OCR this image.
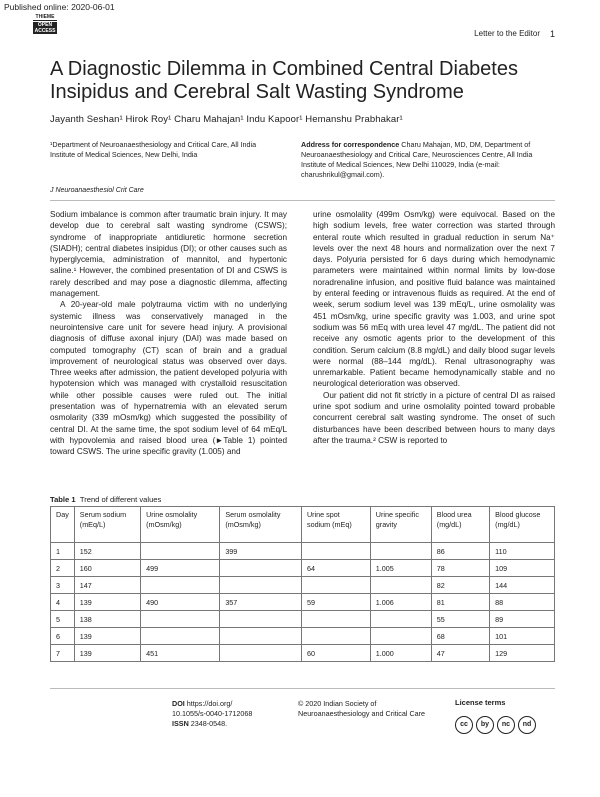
Published online: 2020-06-01
THIEME
OPEN ACCESS	Letter to the Editor 1
A Diagnostic Dilemma in Combined Central Diabetes Insipidus and Cerebral Salt Wasting Syndrome
Jayanth Seshan¹ Hirok Roy¹ Charu Mahajan¹ Indu Kapoor¹ Hemanshu Prabhakar¹
¹Department of Neuroanaesthesiology and Critical Care, All India Institute of Medical Sciences, New Delhi, India
Address for correspondence Charu Mahajan, MD, DM, Department of Neuroanaesthesiology and Critical Care, Neurosciences Centre, All India Institute of Medical Sciences, New Delhi 110029, India (e-mail: charushrikul@gmail.com).
J Neuroanaesthesiol Crit Care

Sodium imbalance is common after traumatic brain injury. It may develop due to cerebral salt wasting syndrome (CSWS); syndrome of inappropriate antidiuretic hormone secretion (SIADH); central diabetes insipidus (DI); or other causes such as hyperglycemia, administration of mannitol, and hypertonic saline.¹ However, the combined presentation of DI and CSWS is rarely described and may pose a diagnostic dilemma, affecting management.

A 20-year-old male polytrauma victim with no underlying systemic illness was conservatively managed in the neurointensive care unit for severe head injury. A provisional diagnosis of diffuse axonal injury (DAI) was made based on computed tomography (CT) scan of brain and a gradual improvement of neurological status was observed over days. Three weeks after admission, the patient developed polyuria with hypotension which was managed with crystalloid resuscitation while other possible causes were ruled out. The initial presentation was of hypernatremia with an elevated serum osmolarity (339 mOsm/kg) which suggested the possibility of central DI. At the same time, the spot sodium level of 64 mEq/L with hypovolemia and raised blood urea (►Table 1) pointed toward CSWS. The urine specific gravity (1.005) and

urine osmolality (499m Osm/kg) were equivocal. Based on the high sodium levels, free water correction was started through enteral route which resulted in gradual reduction in serum Na⁺ levels over the next 48 hours and normalization over the next 7 days. Polyuria persisted for 6 days during which hemodynamic parameters were maintained within normal limits by low-dose noradrenaline infusion, and positive fluid balance was maintained by enteral feeding or intravenous fluids as required. At the end of week, serum sodium level was 139 mEq/L, urine osmolality was 451 mOsm/kg, urine specific gravity was 1.003, and urine spot sodium was 56 mEq with urea level 47 mg/dL. The patient did not receive any osmotic agents prior to the development of this condition. Serum calcium (8.8 mg/dL) and daily blood sugar levels were normal (88–144 mg/dL). Renal ultrasonography was unremarkable. Patient became hemodynamically stable and no neurological deterioration was observed.

Our patient did not fit strictly in a picture of central DI as raised urine spot sodium and urine osmolality pointed toward probable concurrent cerebral salt wasting syndrome. The onset of such disturbances have been described between hours to many days after the trauma.² CSW is reported to

Table 1 Trend of different values
Day	Serum sodium (mEq/L)	Urine osmolality (mOsm/kg)	Serum osmolality (mOsm/kg)	Urine spot sodium (mEq)	Urine specific gravity	Blood urea (mg/dL)	Blood glucose (mg/dL)
1	152		399			86	110
2	160	499		64	1.005	78	109
3	147					82	144
4	139	490	357	59	1.006	81	88
5	138					55	89
6	139					68	101
7	139	451		60	1.000	47	129
DOI https://doi.org/
10.1055/s-0040-1712068
ISSN 2348-0548.
© 2020 Indian Society of Neuroanaesthesiology and Critical Care
License terms
cc by nc nd
